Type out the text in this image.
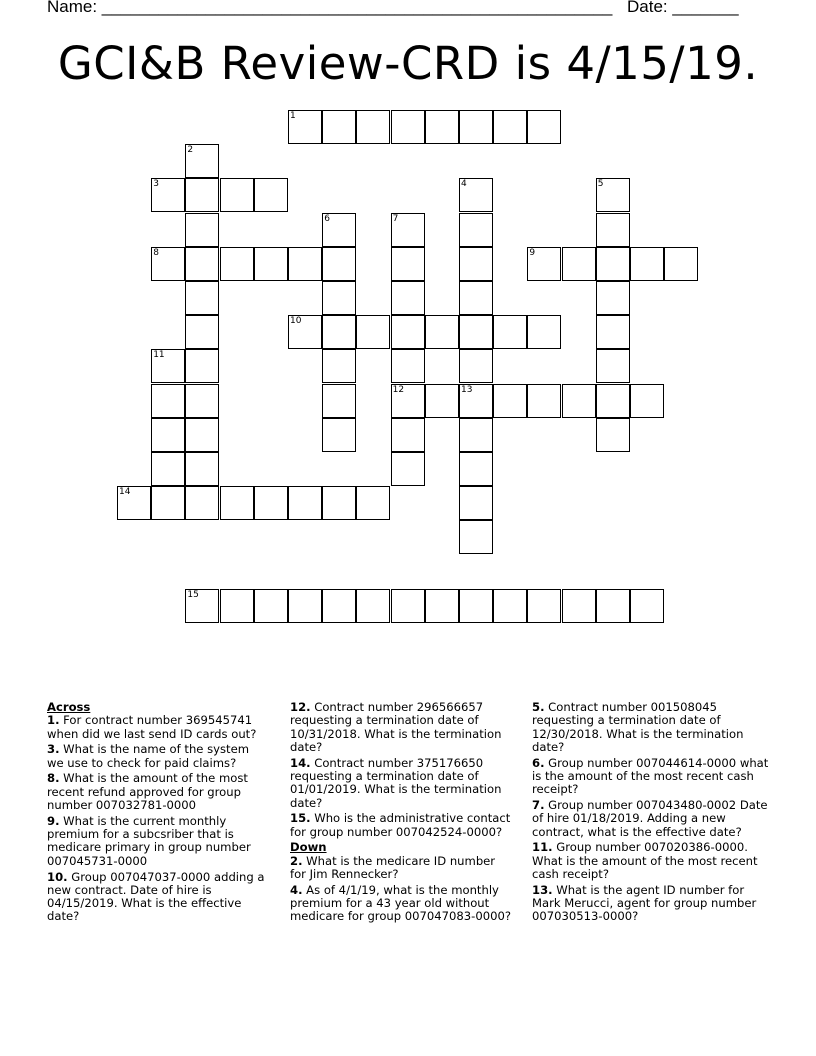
Name: ______________________________________________________ Date: _______
GCI&B Review-CRD is 4/15/19.
1
2
3	4	5
6	7
12
8	9
10
11
13
14
15
Across
1. For contract number 369545741 when did we last send ID cards out?
3. What is the name of the system we use to check for paid claims?
8. What is the amount of the most recent refund approved for group number 007032781-0000
9. What is the current monthly premium for a subcsriber that is medicare primary in group number 007045731-0000
10. Group 007047037-0000 adding a new contract. Date of hire is 04/15/2019. What is the effective date?
12. Contract number 296566657 requesting a termination date of 10/31/2018. What is the termination date?
14. Contract number 375176650 requesting a termination date of 01/01/2019. What is the termination date?
15. Who is the administrative contact for group number 007042524-0000?
Down
2. What is the medicare ID number for Jim Rennecker?
4. As of 4/1/19, what is the monthly premium for a 43 year old without medicare for group 007047083-0000?
5. Contract number 001508045 requesting a termination date of 12/30/2018. What is the termination date?
6. Group number 007044614-0000 what is the amount of the most recent cash receipt?
7. Group number 007043480-0002 Date of hire 01/18/2019. Adding a new contract, what is the effective date?
11. Group number 007020386-0000. What is the amount of the most recent cash receipt?
13. What is the agent ID number for Mark Merucci, agent for group number 007030513-0000?
